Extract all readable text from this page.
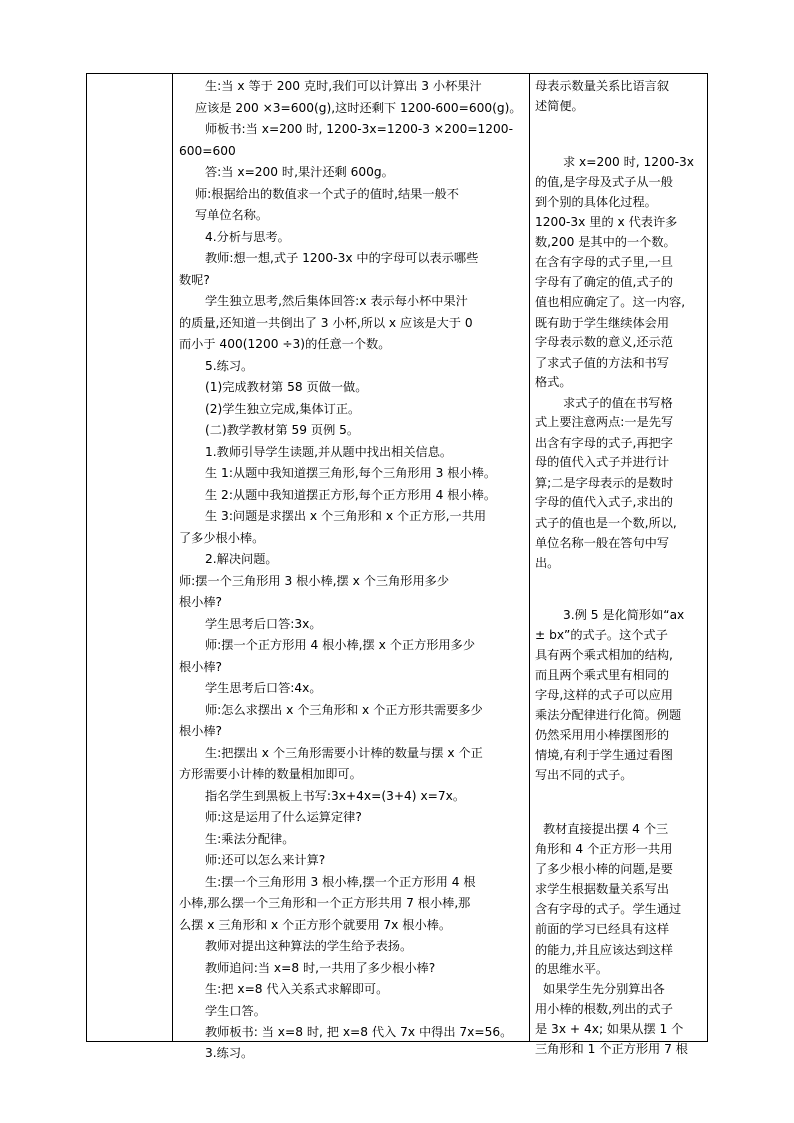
生:当 x 等于 200 克时,我们可以计算出 3 小杯果汁
应该是 200 ×3=600(g),这时还剩下 1200-600=600(g)。
师板书:当 x=200 时, 1200-3x=1200-3 ×200=1200-
600=600
答:当 x=200 时,果汁还剩 600g。
师:根据给出的数值求一个式子的值时,结果一般不
写单位名称。
4.分析与思考。
教师:想一想,式子 1200-3x 中的字母可以表示哪些
数呢?
学生独立思考,然后集体回答:x 表示每小杯中果汁
的质量,还知道一共倒出了 3 小杯,所以 x 应该是大于 0
而小于 400(1200 ÷3)的任意一个数。
5.练习。
(1)完成教材第 58 页做一做。
(2)学生独立完成,集体订正。
(二)教学教材第 59 页例 5。
1.教师引导学生读题,并从题中找出相关信息。
生 1:从题中我知道摆三角形,每个三角形用 3 根小棒。
生 2:从题中我知道摆正方形,每个正方形用 4 根小棒。
生 3:问题是求摆出 x 个三角形和 x 个正方形,一共用
了多少根小棒。
2.解决问题。
师:摆一个三角形用 3 根小棒,摆 x 个三角形用多少
根小棒?
学生思考后口答:3x。
师:摆一个正方形用 4 根小棒,摆 x 个正方形用多少
根小棒?
学生思考后口答:4x。
师:怎么求摆出 x 个三角形和 x 个正方形共需要多少
根小棒?
生:把摆出 x 个三角形需要小计棒的数量与摆 x 个正
方形需要小计棒的数量相加即可。
指名学生到黑板上书写:3x+4x=(3+4) x=7x。
师:这是运用了什么运算定律?
生:乘法分配律。
师:还可以怎么来计算?
生:摆一个三角形用 3 根小棒,摆一个正方形用 4 根
小棒,那么摆一个三角形和一个正方形共用 7 根小棒,那
么摆 x 三角形和 x 个正方形个就要用 7x 根小棒。
教师对提出这种算法的学生给予表扬。
教师追问:当 x=8 时,一共用了多少根小棒?
生:把 x=8 代入关系式求解即可。
学生口答。
教师板书: 当 x=8 时, 把 x=8 代入 7x 中得出 7x=56。
3.练习。
母表示数量关系比语言叙
述简便。
求 x=200 时, 1200-3x
的值,是字母及式子从一般
到个别的具体化过程。
1200-3x 里的 x 代表许多
数,200 是其中的一个数。
在含有字母的式子里,一旦
字母有了确定的值,式子的
值也相应确定了。这一内容,
既有助于学生继续体会用
字母表示数的意义,还示范
了求式子值的方法和书写
格式。
求式子的值在书写格
式上要注意两点:一是先写
出含有字母的式子,再把字
母的值代入式子并进行计
算;二是字母表示的是数时
字母的值代入式子,求出的
式子的值也是一个数,所以,
单位名称一般在答句中写
出。
3.例 5 是化简形如“ax
± bx”的式子。这个式子
具有两个乘式相加的结构,
而且两个乘式里有相同的
字母,这样的式子可以应用
乘法分配律进行化简。例题
仍然采用用小棒摆图形的
情境,有利于学生通过看图
写出不同的式子。
教材直接提出摆 4 个三
角形和 4 个正方形一共用
了多少根小棒的问题,是要
求学生根据数量关系写出
含有字母的式子。学生通过
前面的学习已经具有这样
的能力,并且应该达到这样
的思维水平。
如果学生先分别算出各
用小棒的根数,列出的式子
是 3x + 4x; 如果从摆 1 个
三角形和 1 个正方形用 7 根
